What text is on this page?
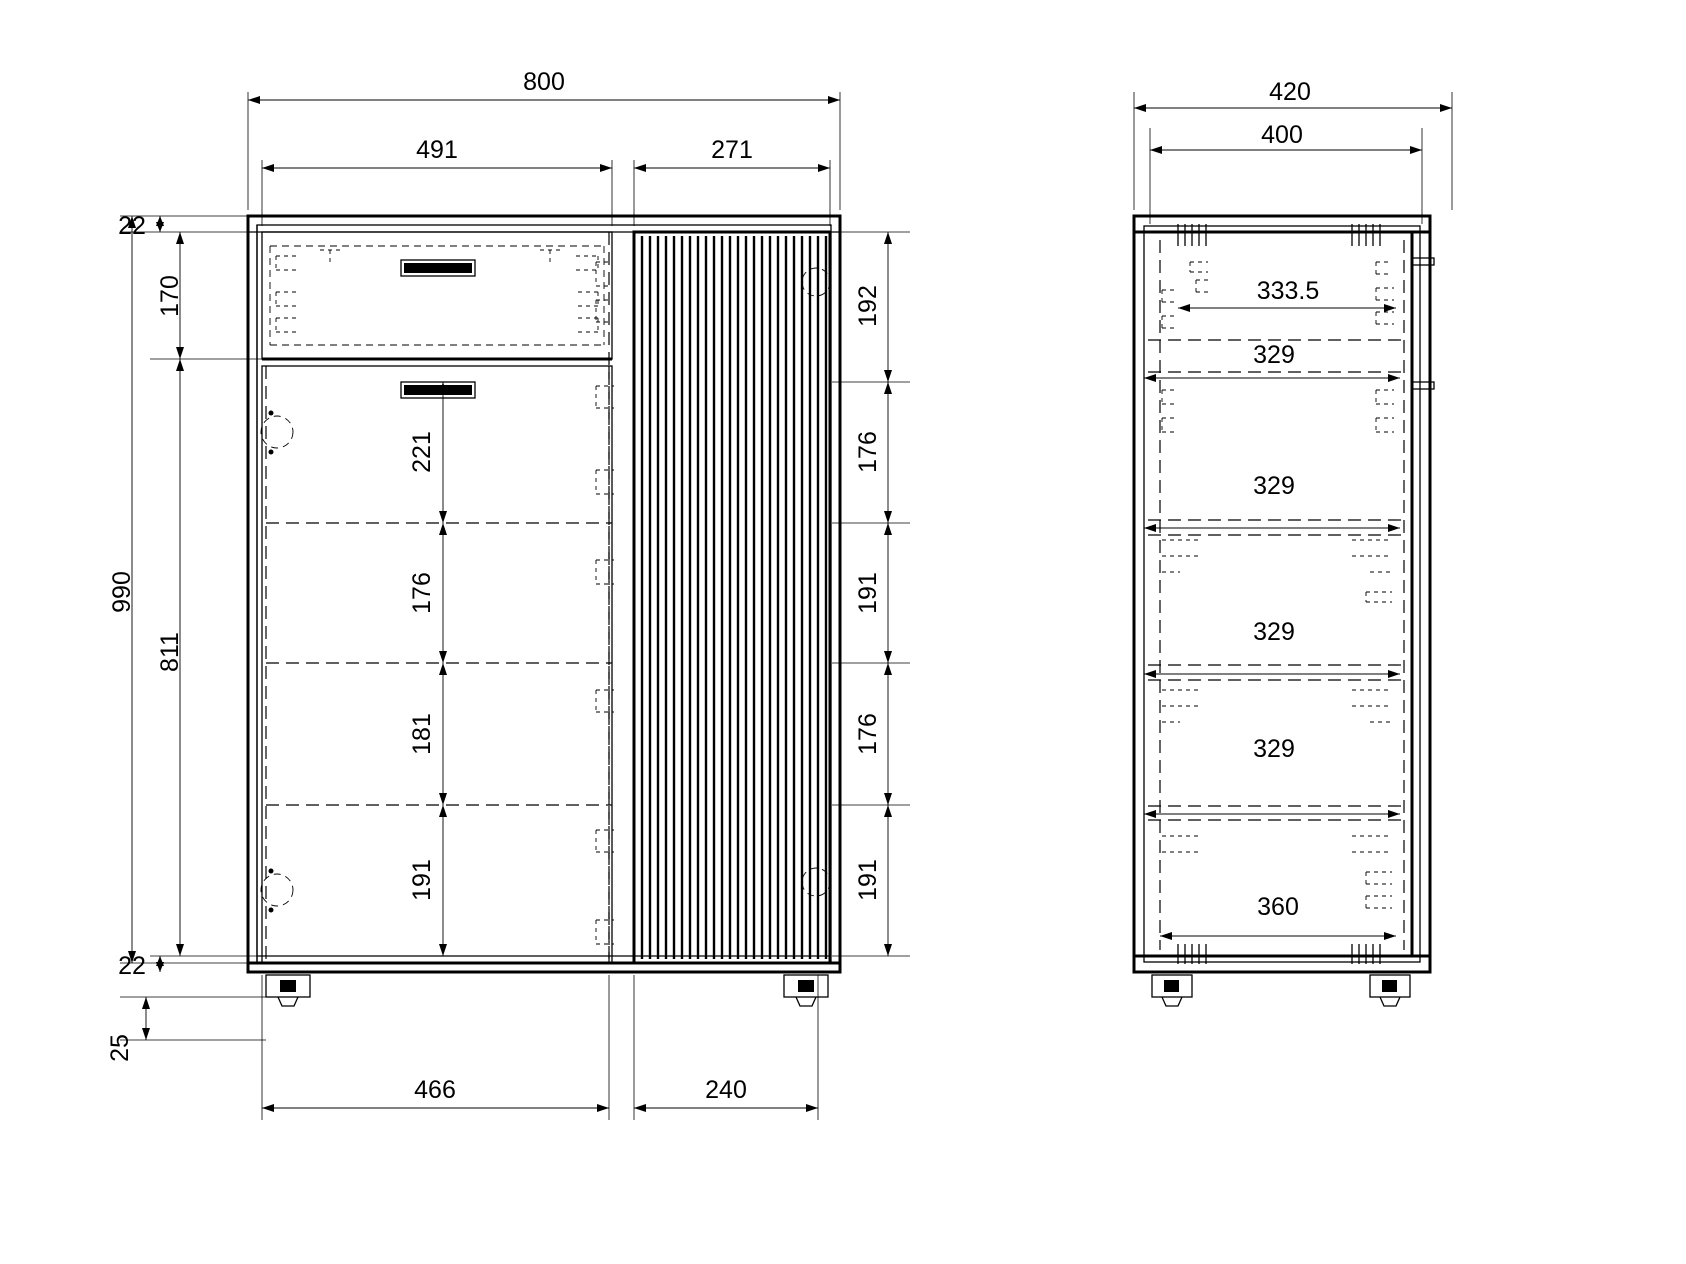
800
491	271
466	240
22
22
170
990
811
25
221
176
181
191
192
176
191
176
191
420
400
333.5
329
329
329
329
360
